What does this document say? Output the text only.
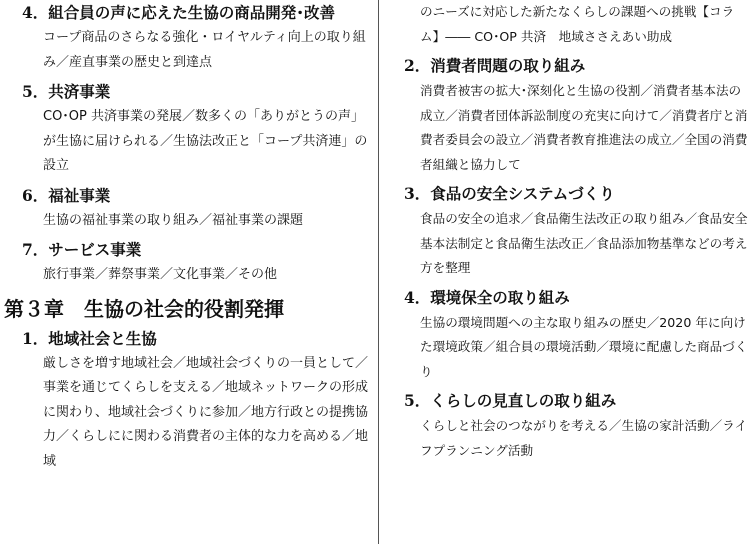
4．組合員の声に応えた生協の商品開発･改善
コープ商品のさらなる強化・ロイヤルティ向上の取り組み／産直事業の歴史と到達点
5．共済事業
CO･OP 共済事業の発展／数多くの「ありがとうの声」が生協に届けられる／生協法改正と「コープ共済連」の設立
6．福祉事業
生協の福祉事業の取り組み／福祉事業の課題
7．サービス事業
旅行事業／葬祭事業／文化事業／その他
第３章　生協の社会的役割発揮
1．地域社会と生協
厳しさを増す地域社会／地域社会づくりの一員として／事業を通じてくらしを支える／地域ネットワークの形成に関わり、地域社会づくりに参加／地方行政との提携協力／くらしにに関わる消費者の主体的な力を高める／地域
のニーズに対応した新たなくらしの課題への挑戦【コラム】―― CO･OP 共済　地域ささえあい助成
2．消費者問題の取り組み
消費者被害の拡大･深刻化と生協の役割／消費者基本法の成立／消費者団体訴訟制度の充実に向けて／消費者庁と消費者委員会の設立／消費者教育推進法の成立／全国の消費者組織と協力して
3．食品の安全システムづくり
食品の安全の追求／食品衛生法改正の取り組み／食品安全基本法制定と食品衛生法改正／食品添加物基準などの考え方を整理
4．環境保全の取り組み
生協の環境問題への主な取り組みの歴史／2020 年に向けた環境政策／組合員の環境活動／環境に配慮した商品づくり
5．くらしの見直しの取り組み
くらしと社会のつながりを考える／生協の家計活動／ライフプランニング活動
